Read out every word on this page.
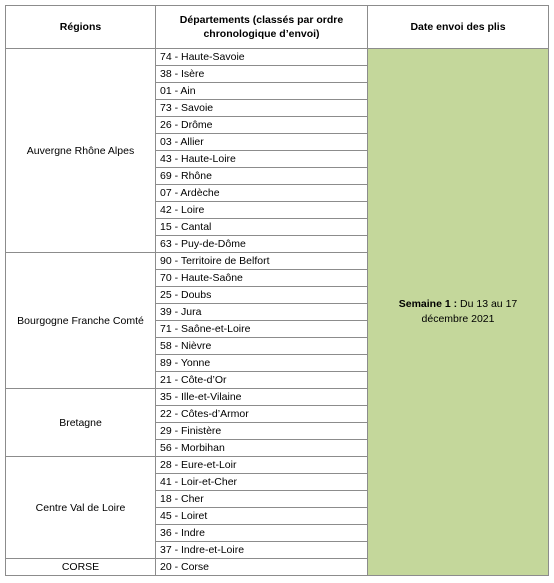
Régions	Départements (classés par ordre chronologique d’envoi)	Date envoi des plis
Auvergne Rhône Alpes	74 - Haute-Savoie	Semaine 1 : Du 13 au 17 décembre 2021
	38 - Isère	
	01 - Ain	
	73 - Savoie	
	26 - Drôme	
	03 - Allier	
	43 - Haute-Loire	
	69 - Rhône	
	07 - Ardèche	
	42 - Loire	
	15 - Cantal	
	63 - Puy-de-Dôme	
Bourgogne Franche Comté	90 - Territoire de Belfort	
	70 - Haute-Saône	
	25 - Doubs	
	39 - Jura	
	71 - Saône-et-Loire	
	58 - Nièvre	
	89 - Yonne	
	21 - Côte-d’Or	
Bretagne	35 - Ille-et-Vilaine	
	22 - Côtes-d’Armor	
	29 - Finistère	
	56 - Morbihan	
Centre Val de Loire	28 - Eure-et-Loir	
	41 - Loir-et-Cher	
	18 - Cher	
	45 - Loiret	
	36 - Indre	
	37 - Indre-et-Loire	
CORSE	20 - Corse	
